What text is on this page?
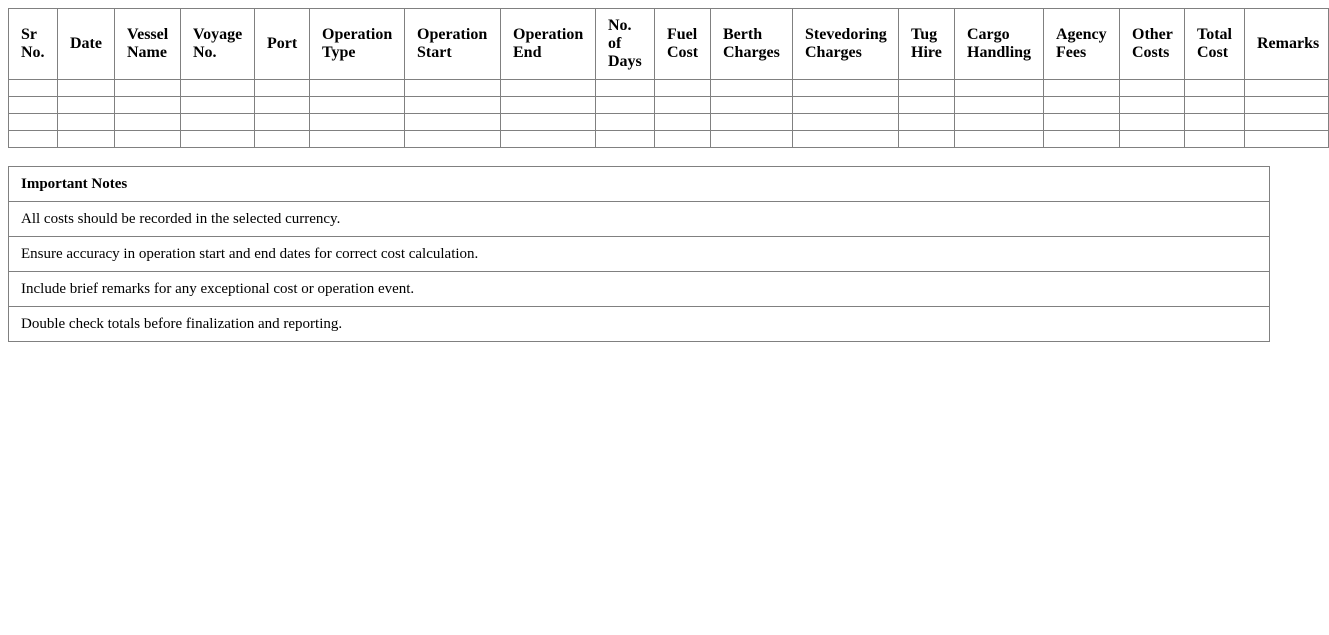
Sr No.	Date	Vessel Name	Voyage No.	Port	Operation Type	Operation Start	Operation End	No. of Days	Fuel Cost	Berth Charges	Stevedoring Charges	Tug Hire	Cargo Handling	Agency Fees	Other Costs	Total Cost	Remarks

Important Notes
All costs should be recorded in the selected currency.
Ensure accuracy in operation start and end dates for correct cost calculation.
Include brief remarks for any exceptional cost or operation event.
Double check totals before finalization and reporting.
